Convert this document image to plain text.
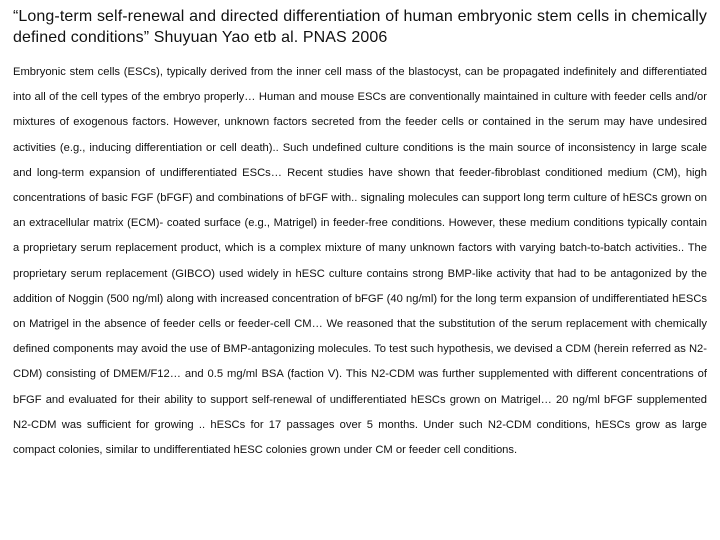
“Long-term self-renewal and directed differentiation of human embryonic stem cells in chemically defined conditions” Shuyuan Yao etb al. PNAS 2006

Embryonic stem cells (ESCs), typically derived from the inner cell mass of the blastocyst, can be propagated indefinitely and differentiated into all of the cell types of the embryo properly… Human and mouse ESCs are conventionally maintained in culture with feeder cells and/or mixtures of exogenous factors. However, unknown factors secreted from the feeder cells or contained in the serum may have undesired activities (e.g., inducing differentiation or cell death).. Such undefined culture conditions is the main source of inconsistency in large scale and long-term expansion of undifferentiated ESCs… Recent studies have shown that feeder-fibroblast conditioned medium (CM), high concentrations of basic FGF (bFGF) and combinations of bFGF with.. signaling molecules can support long term culture of hESCs grown on an extracellular matrix (ECM)- coated surface (e.g., Matrigel) in feeder-free conditions. However, these medium conditions typically contain a proprietary serum replacement product, which is a complex mixture of many unknown factors with varying batch-to-batch activities.. The proprietary serum replacement (GIBCO) used widely in hESC culture contains strong BMP-like activity that had to be antagonized by the addition of Noggin (500 ng/ml) along with increased concentration of bFGF (40 ng/ml) for the long term expansion of undifferentiated hESCs on Matrigel in the absence of feeder cells or feeder-cell CM… We reasoned that the substitution of the serum replacement with chemically defined components may avoid the use of BMP-antagonizing molecules. To test such hypothesis, we devised a CDM (herein referred as N2-CDM) consisting of DMEM/F12… and 0.5 mg/ml BSA (faction V). This N2-CDM was further supplemented with different concentrations of bFGF and evaluated for their ability to support self-renewal of undifferentiated hESCs grown on Matrigel… 20 ng/ml bFGF supplemented N2-CDM was sufficient for growing .. hESCs for 17 passages over 5 months. Under such N2-CDM conditions, hESCs grow as large compact colonies, similar to undifferentiated hESC colonies grown under CM or feeder cell conditions.
